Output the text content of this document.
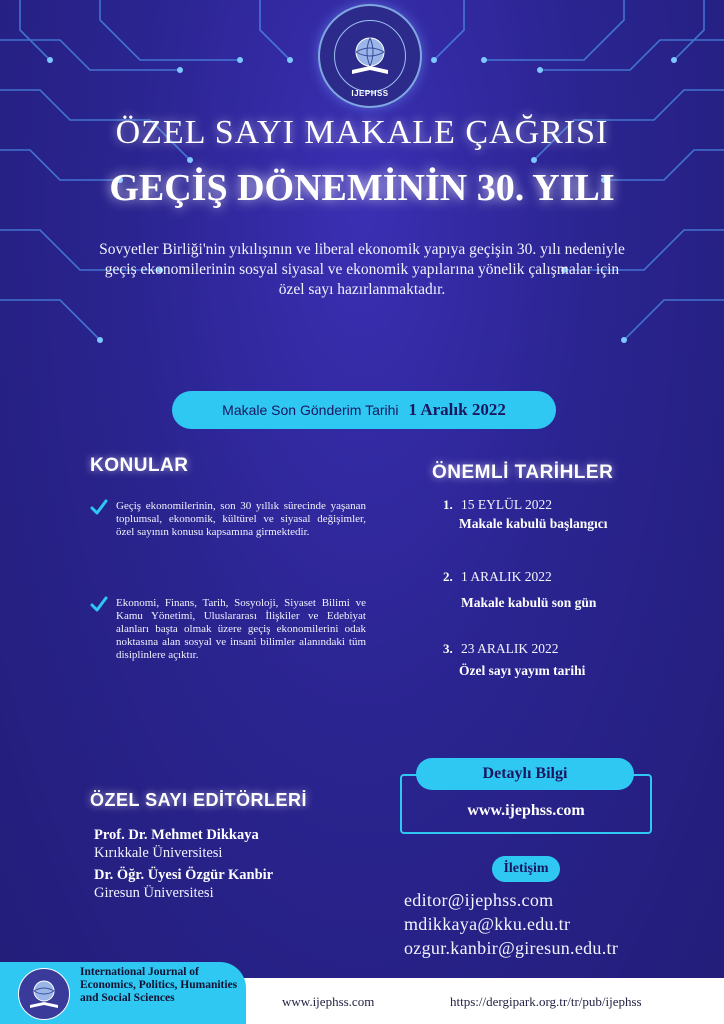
IJEPHSS
ÖZEL SAYI MAKALE ÇAĞRISI
GEÇİŞ DÖNEMİNİN 30. YILI
Sovyetler Birliği'nin yıkılışının ve liberal ekonomik yapıya geçişin 30. yılı nedeniyle geçiş ekonomilerinin sosyal siyasal ve ekonomik yapılarına yönelik çalışmalar için özel sayı hazırlanmaktadır.
Makale Son Gönderim Tarihi 1 Aralık 2022
KONULAR
Geçiş ekonomilerinin, son 30 yıllık sürecinde yaşanan toplumsal, ekonomik, kültürel ve siyasal değişimler, özel sayının konusu kapsamına girmektedir.
Ekonomi, Finans, Tarih, Sosyoloji, Siyaset Bilimi ve Kamu Yönetimi, Uluslararası İlişkiler ve Edebiyat alanları başta olmak üzere geçiş ekonomilerini odak noktasına alan sosyal ve insani bilimler alanındaki tüm disiplinlere açıktır.
ÖNEMLİ TARİHLER
1. 15 EYLÜL 2022
Makale kabulü başlangıcı
2. 1 ARALIK 2022
Makale kabulü son gün
3. 23 ARALIK 2022
Özel sayı yayım tarihi
ÖZEL SAYI EDİTÖRLERİ
Prof. Dr. Mehmet Dikkaya
Kırıkkale Üniversitesi
Dr. Öğr. Üyesi Özgür Kanbir
Giresun Üniversitesi
Detaylı Bilgi
www.ijephss.com
İletişim
editor@ijephss.com
mdikkaya@kku.edu.tr
ozgur.kanbir@giresun.edu.tr
International Journal of Economics, Politics, Humanities and Social Sciences	www.ijephss.com	https://dergipark.org.tr/tr/pub/ijephss
